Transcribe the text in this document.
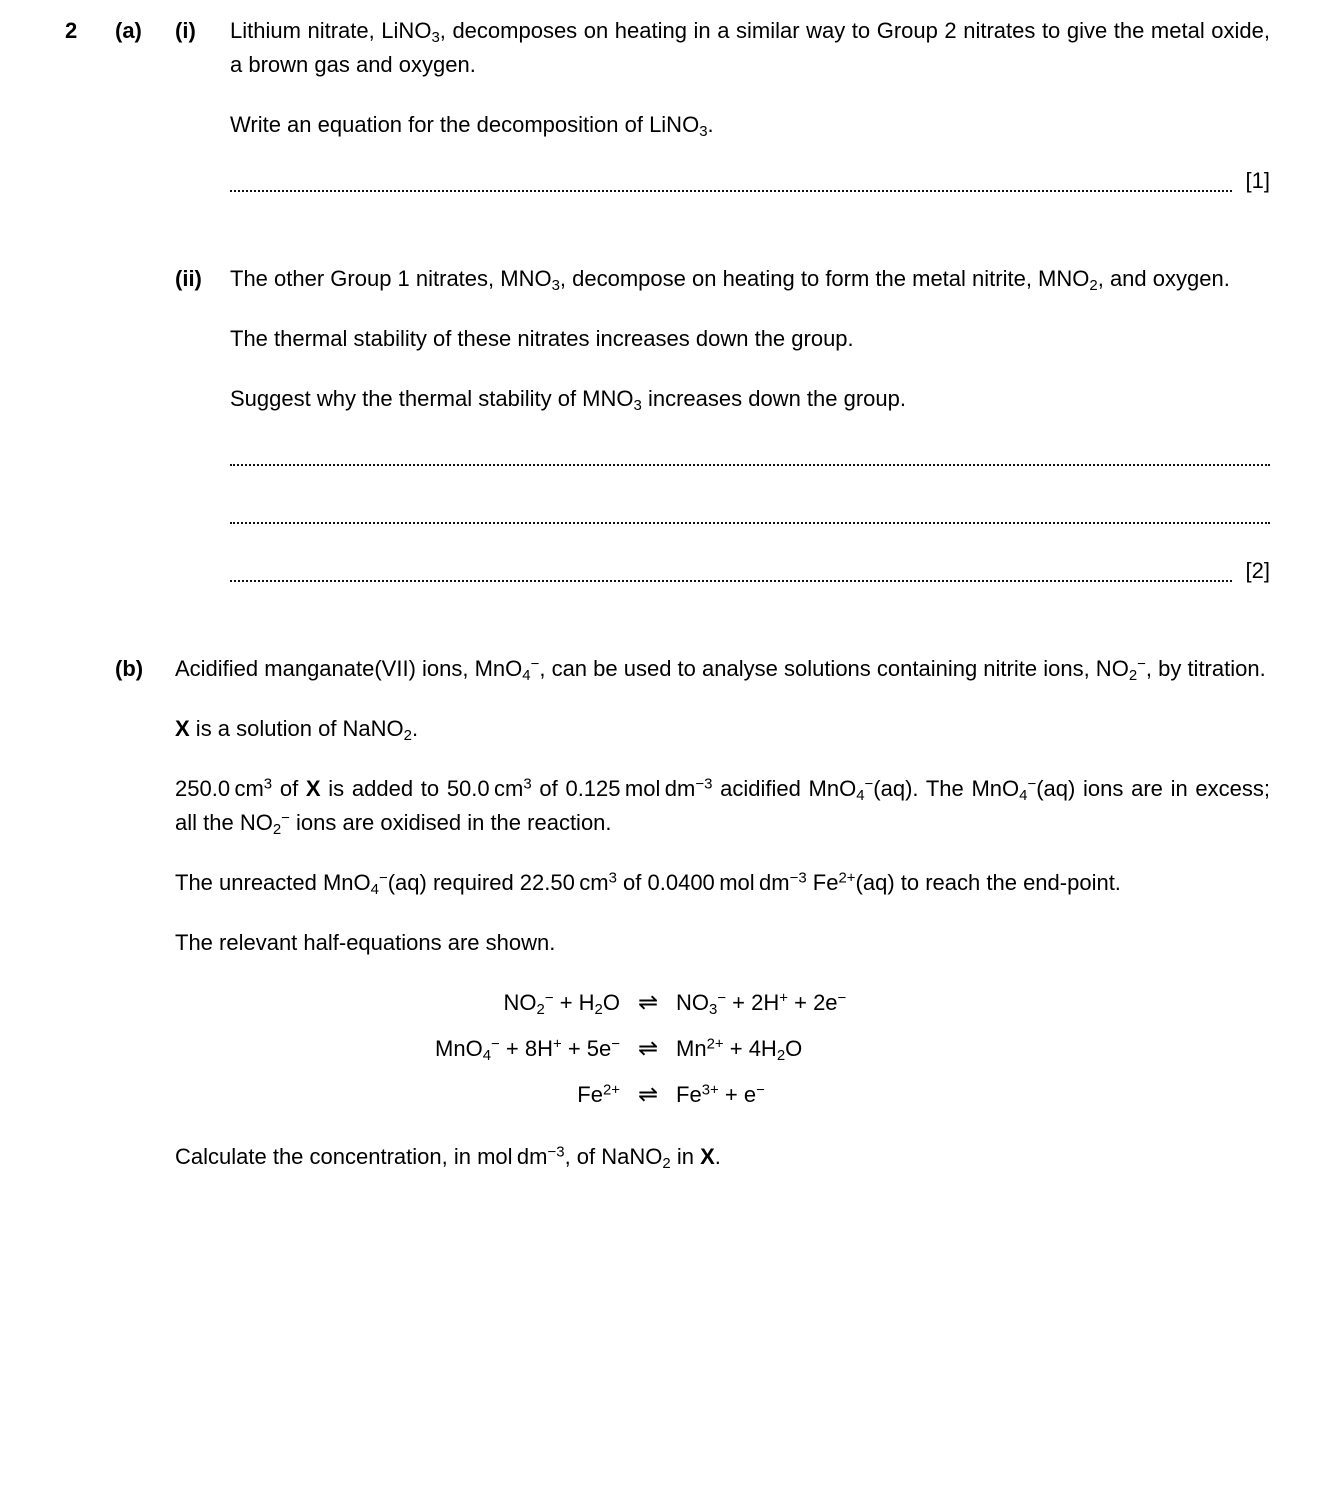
2	(a)	(i)	Lithium nitrate, LiNO$_3$, decomposes on heating in a similar way to Group 2 nitrates to give the metal oxide, a brown gas and oxygen.

Write an equation for the decomposition of LiNO$_3$.

[1]
(ii)	The other Group 1 nitrates, $MNO_3$, decompose on heating to form the metal nitrite, $MNO_2$, and oxygen.

The thermal stability of these nitrates increases down the group.

Suggest why the thermal stability of $MNO_3$ increases down the group.

[2]
(b)	Acidified manganate(VII) ions, MnO$_4$−, can be used to analyse solutions containing nitrite ions, $NO_2^-$, by titration.

X is a solution of NaNO$_2$.

250.0 $cm^3$ of X is added to 50.0 $cm^3$ of 0.125 mol $dm^{-3}$ acidified MnO$_4$−(aq). The MnO$_4$−(aq) ions are in excess; all the $NO_2^-$ ions are oxidised in the reaction.

The unreacted MnO$_4$−(aq) required 22.50 $cm^3$ of 0.0400 mol $dm^{-3}$ $Fe^{2+}(aq)$ to reach the end-point.

The relevant half-equations are shown.

$NO_2^- + H_2O$ ⇌ $NO_3^- + 2H^+ + 2e^-$
MnO$_4$− + 8H+ + 5e− ⇌ $Mn^{2+} + 4H_2O$
$Fe^{2+}$ ⇌ $Fe^{3+} + e^-$

Calculate the concentration, in mol $dm^{-3}$, of NaNO$_2$ in X.
